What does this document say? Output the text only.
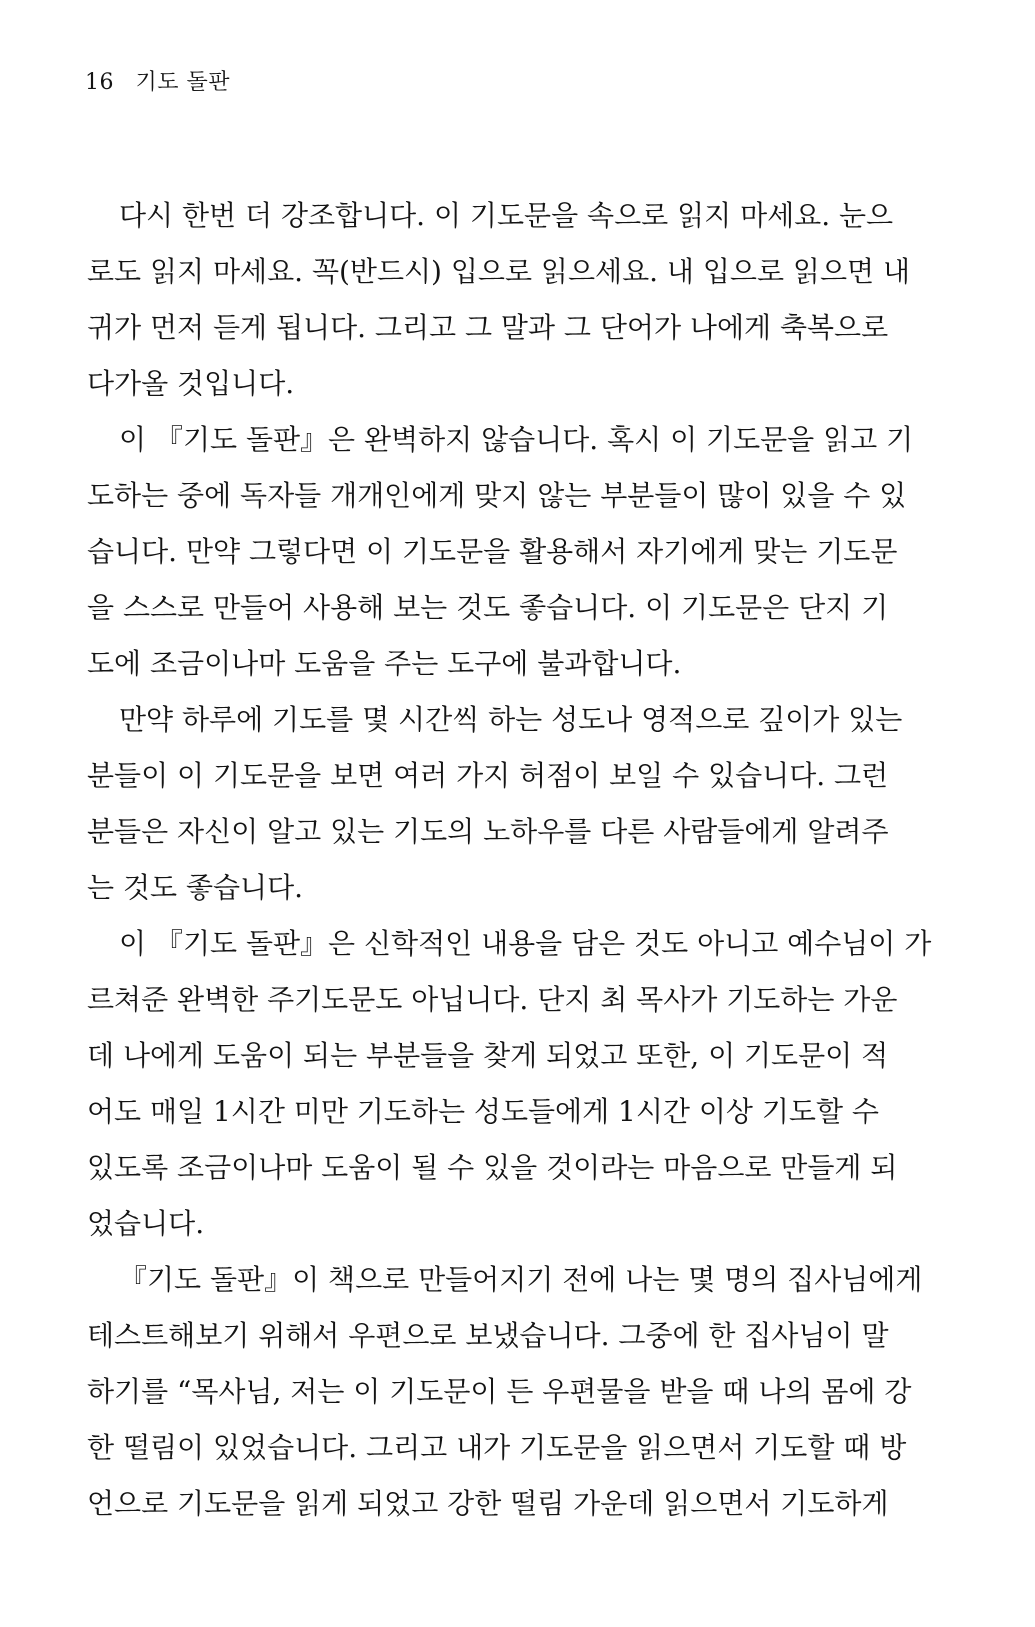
16 기도 돌판
다시 한번 더 강조합니다. 이 기도문을 속으로 읽지 마세요. 눈으
로도 읽지 마세요. 꼭(반드시) 입으로 읽으세요. 내 입으로 읽으면 내
귀가 먼저 듣게 됩니다. 그리고 그 말과 그 단어가 나에게 축복으로
다가올 것입니다.
이 『기도 돌판』은 완벽하지 않습니다. 혹시 이 기도문을 읽고 기
도하는 중에 독자들 개개인에게 맞지 않는 부분들이 많이 있을 수 있
습니다. 만약 그렇다면 이 기도문을 활용해서 자기에게 맞는 기도문
을 스스로 만들어 사용해 보는 것도 좋습니다. 이 기도문은 단지 기
도에 조금이나마 도움을 주는 도구에 불과합니다.
만약 하루에 기도를 몇 시간씩 하는 성도나 영적으로 깊이가 있는
분들이 이 기도문을 보면 여러 가지 허점이 보일 수 있습니다. 그런
분들은 자신이 알고 있는 기도의 노하우를 다른 사람들에게 알려주
는 것도 좋습니다.
이 『기도 돌판』은 신학적인 내용을 담은 것도 아니고 예수님이 가
르쳐준 완벽한 주기도문도 아닙니다. 단지 최 목사가 기도하는 가운
데 나에게 도움이 되는 부분들을 찾게 되었고 또한, 이 기도문이 적
어도 매일 1시간 미만 기도하는 성도들에게 1시간 이상 기도할 수
있도록 조금이나마 도움이 될 수 있을 것이라는 마음으로 만들게 되
었습니다.
『기도 돌판』이 책으로 만들어지기 전에 나는 몇 명의 집사님에게
테스트해보기 위해서 우편으로 보냈습니다. 그중에 한 집사님이 말
하기를 “목사님, 저는 이 기도문이 든 우편물을 받을 때 나의 몸에 강
한 떨림이 있었습니다. 그리고 내가 기도문을 읽으면서 기도할 때 방
언으로 기도문을 읽게 되었고 강한 떨림 가운데 읽으면서 기도하게
